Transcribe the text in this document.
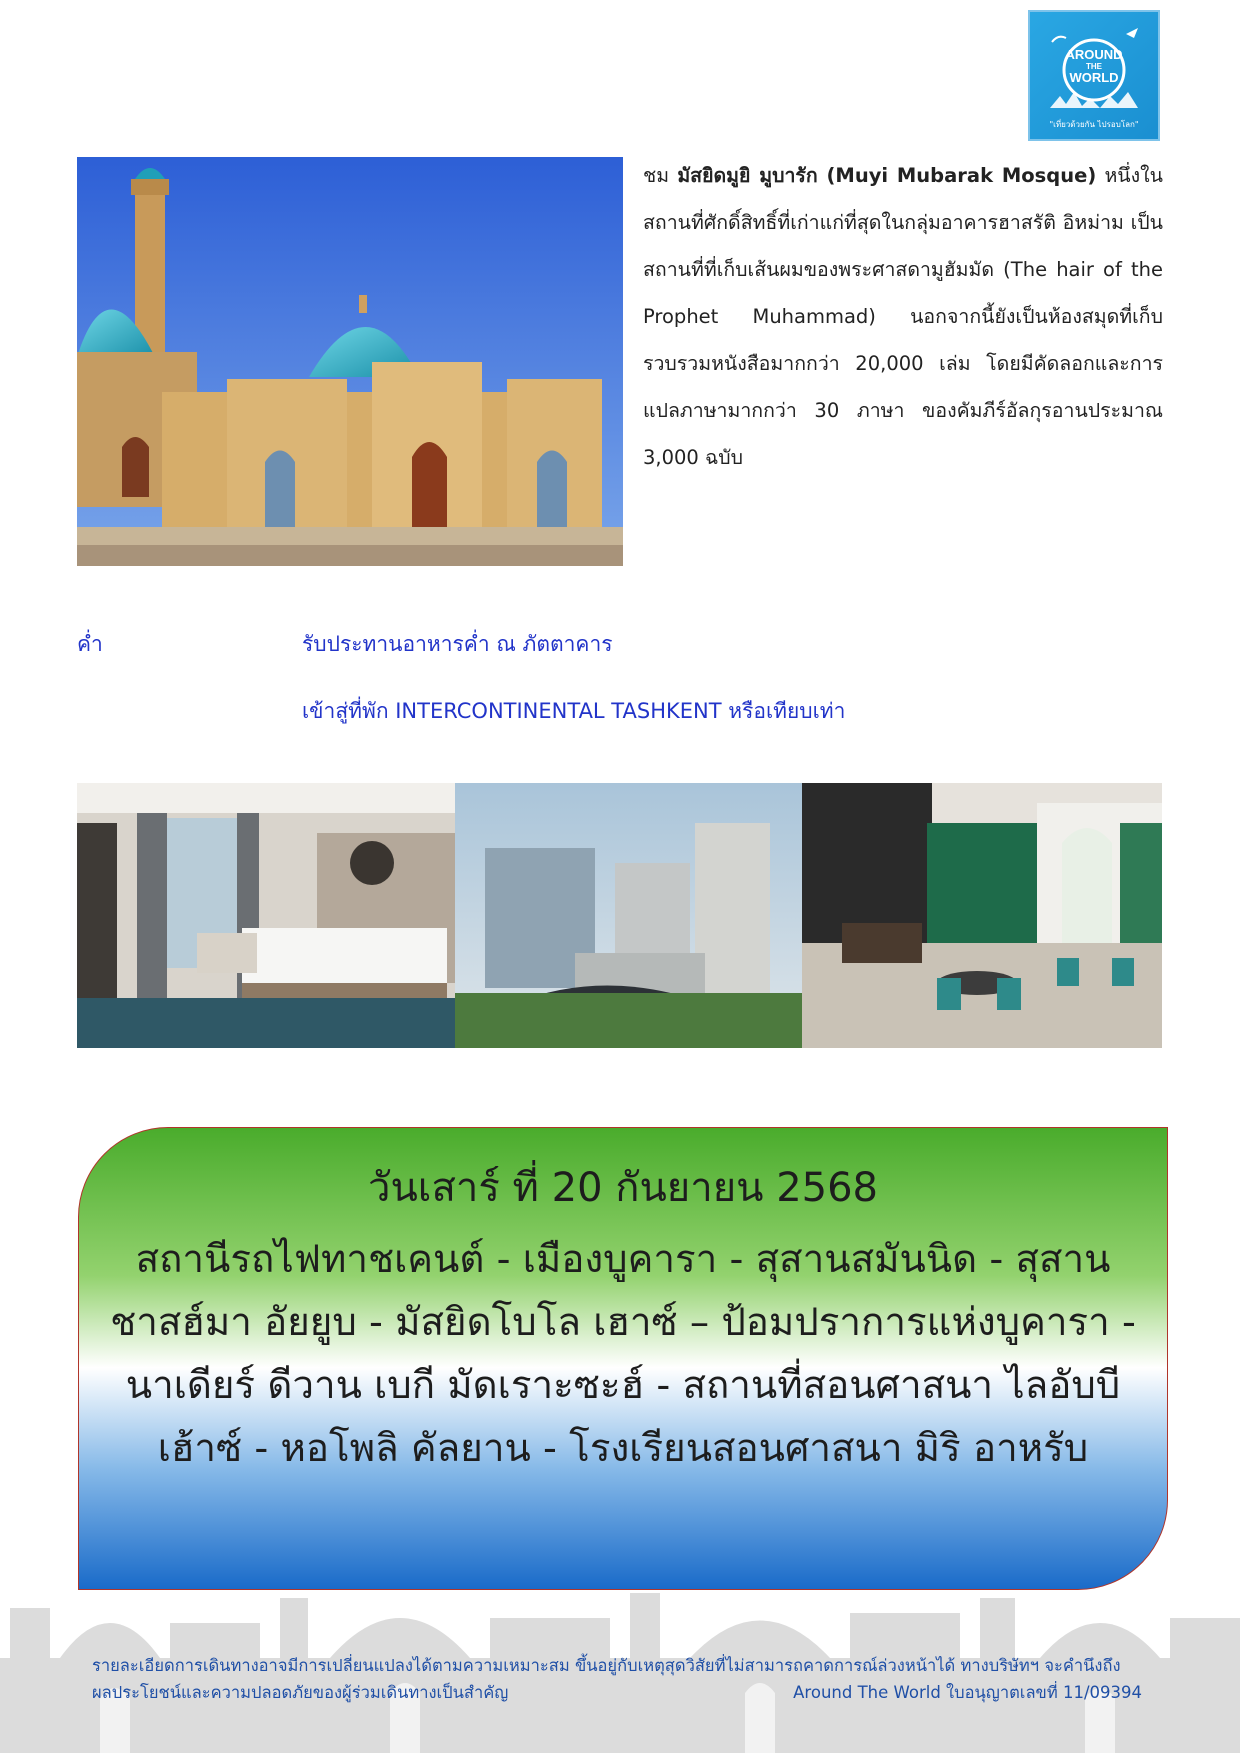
AROUND
THE
WORLD
"เที่ยวด้วยกัน ไปรอบโลก"
ชม มัสยิดมูยิ มูบารัก (Muyi Mubarak Mosque) หนึ่งในสถานที่ศักดิ์สิทธิ์ที่เก่าแก่ที่สุดในกลุ่มอาคารฮาสรัติ อิหม่าม เป็นสถานที่ที่เก็บเส้นผมของพระศาสดามูฮัมมัด (The hair of the Prophet Muhammad) นอกจากนี้ยังเป็นห้องสมุดที่เก็บรวบรวมหนังสือมากกว่า 20,000 เล่ม โดยมีคัดลอกและการแปลภาษามากกว่า 30 ภาษา ของคัมภีร์อัลกุรอานประมาณ 3,000 ฉบับ
ค่ำ	รับประทานอาหารค่ำ ณ ภัตตาคาร
เข้าสู่ที่พัก INTERCONTINENTAL TASHKENT หรือเทียบเท่า
วันเสาร์ ที่ 20 กันยายน 2568
สถานีรถไฟทาชเคนต์ - เมืองบูคารา - สุสานสมันนิด - สุสานชาสฮ์มา อัยยูบ - มัสยิดโบโล เฮาซ์ – ป้อมปราการแห่งบูคารา - นาเดียร์ ดีวาน เบกี มัดเราะซะฮ์ - สถานที่สอนศาสนา ไลอับบี เฮ้าซ์ - หอโพลิ คัลยาน - โรงเรียนสอนศาสนา มิริ อาหรับ
รายละเอียดการเดินทางอาจมีการเปลี่ยนแปลงได้ตามความเหมาะสม ขึ้นอยู่กับเหตุสุดวิสัยที่ไม่สามารถคาดการณ์ล่วงหน้าได้ ทางบริษัทฯ จะคำนึงถึง
ผลประโยชน์และความปลอดภัยของผู้ร่วมเดินทางเป็นสำคัญ	Around The World ใบอนุญาตเลขที่ 11/09394
